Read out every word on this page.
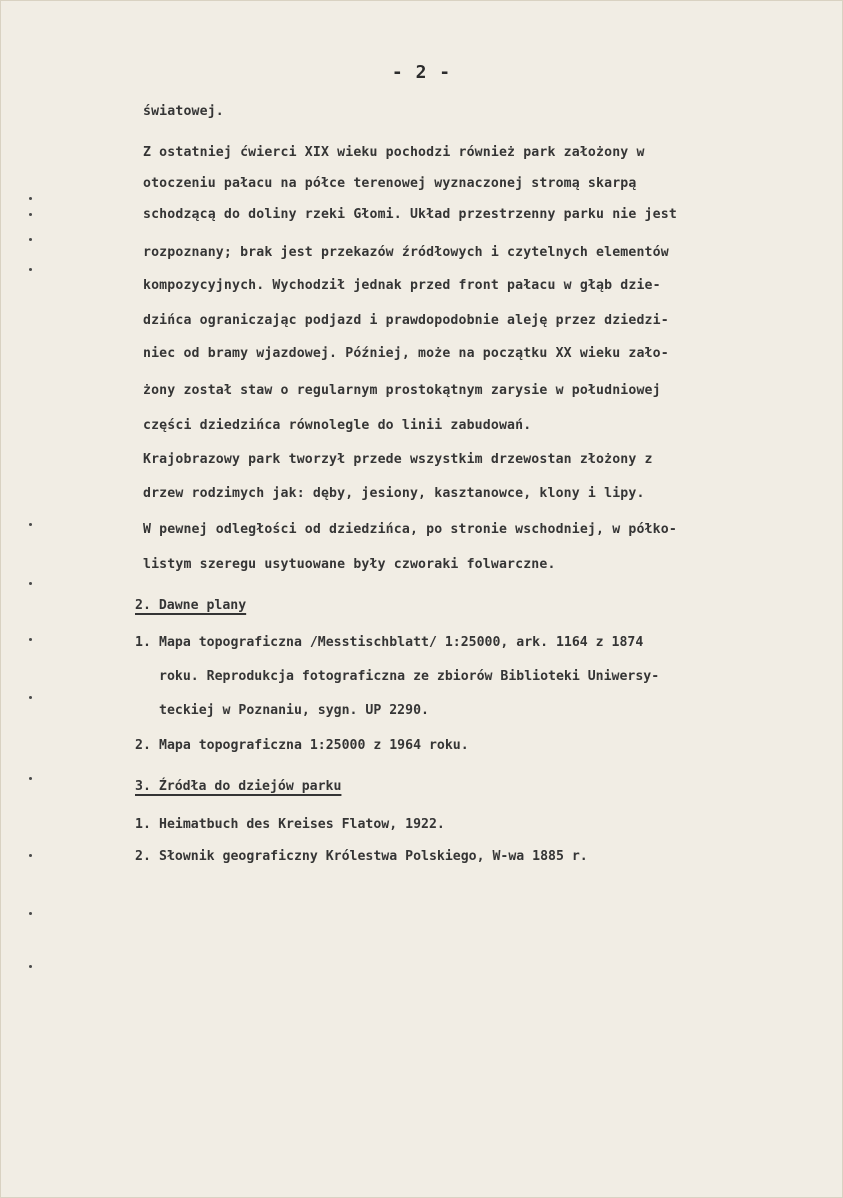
- 2 -
światowej.
Z ostatniej ćwierci XIX wieku pochodzi również park założony w
otoczeniu pałacu na półce terenowej wyznaczonej stromą skarpą
schodzącą do doliny rzeki Głomi. Układ przestrzenny parku nie jest
rozpoznany; brak jest przekazów źródłowych i czytelnych elementów
kompozycyjnych. Wychodził jednak przed front pałacu w głąb dzie-
dzińca ograniczając podjazd i prawdopodobnie aleję przez dziedzi-
niec od bramy wjazdowej. Później, może na początku XX wieku zało-
żony został staw o regularnym prostokątnym zarysie w południowej
części dziedzińca równolegle do linii zabudowań.
Krajobrazowy park tworzył przede wszystkim drzewostan złożony z
drzew rodzimych jak: dęby, jesiony, kasztanowce, klony i lipy.
W pewnej odległości od dziedzińca, po stronie wschodniej, w półko-
listym szeregu usytuowane były czworaki folwarczne.
2. Dawne plany
1. Mapa topograficzna /Messtischblatt/ 1:25000, ark. 1164 z 1874
roku. Reprodukcja fotograficzna ze zbiorów Biblioteki Uniwersy-
teckiej w Poznaniu, sygn. UP 2290.
2. Mapa topograficzna 1:25000 z 1964 roku.
3. Źródła do dziejów parku
1. Heimatbuch des Kreises Flatow, 1922.
2. Słownik geograficzny Królestwa Polskiego, W-wa 1885 r.
